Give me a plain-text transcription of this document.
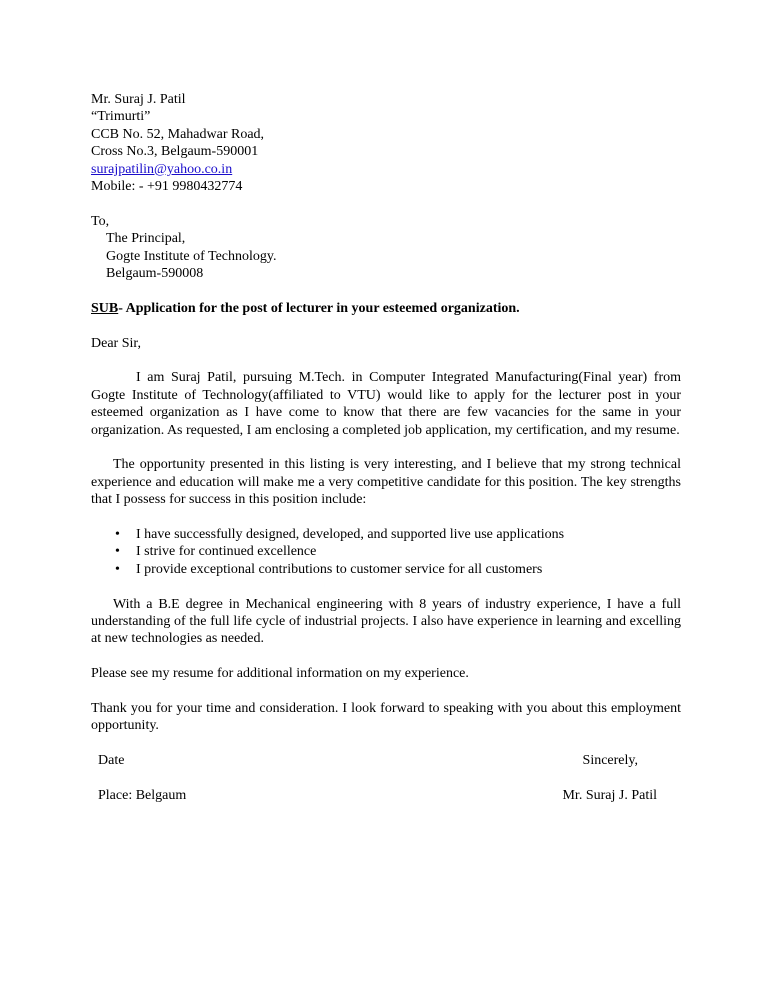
Mr. Suraj J. Patil
“Trimurti”
CCB No. 52, Mahadwar Road,
Cross No.3, Belgaum-590001
surajpatilin@yahoo.co.in
Mobile: - +91 9980432774
To,
The Principal,
Gogte Institute of Technology.
Belgaum-590008
SUB- Application for the post of lecturer in your esteemed organization.
Dear Sir,

I am Suraj Patil, pursuing M.Tech. in Computer Integrated Manufacturing(Final year) from Gogte Institute of Technology(affiliated to VTU) would like to apply for the lecturer post in your esteemed organization as I have come to know that there are few vacancies for the same in your organization. As requested, I am enclosing a completed job application, my certification, and my resume.

The opportunity presented in this listing is very interesting, and I believe that my strong technical experience and education will make me a very competitive candidate for this position. The key strengths that I possess for success in this position include:

• I have successfully designed, developed, and supported live use applications
• I strive for continued excellence
• I provide exceptional contributions to customer service for all customers

With a B.E degree in Mechanical engineering with 8 years of industry experience, I have a full understanding of the full life cycle of industrial projects. I also have experience in learning and excelling at new technologies as needed.

Please see my resume for additional information on my experience.

Thank you for your time and consideration. I look forward to speaking with you about this employment opportunity.

Date	Sincerely,
Place: Belgaum	Mr. Suraj J. Patil
